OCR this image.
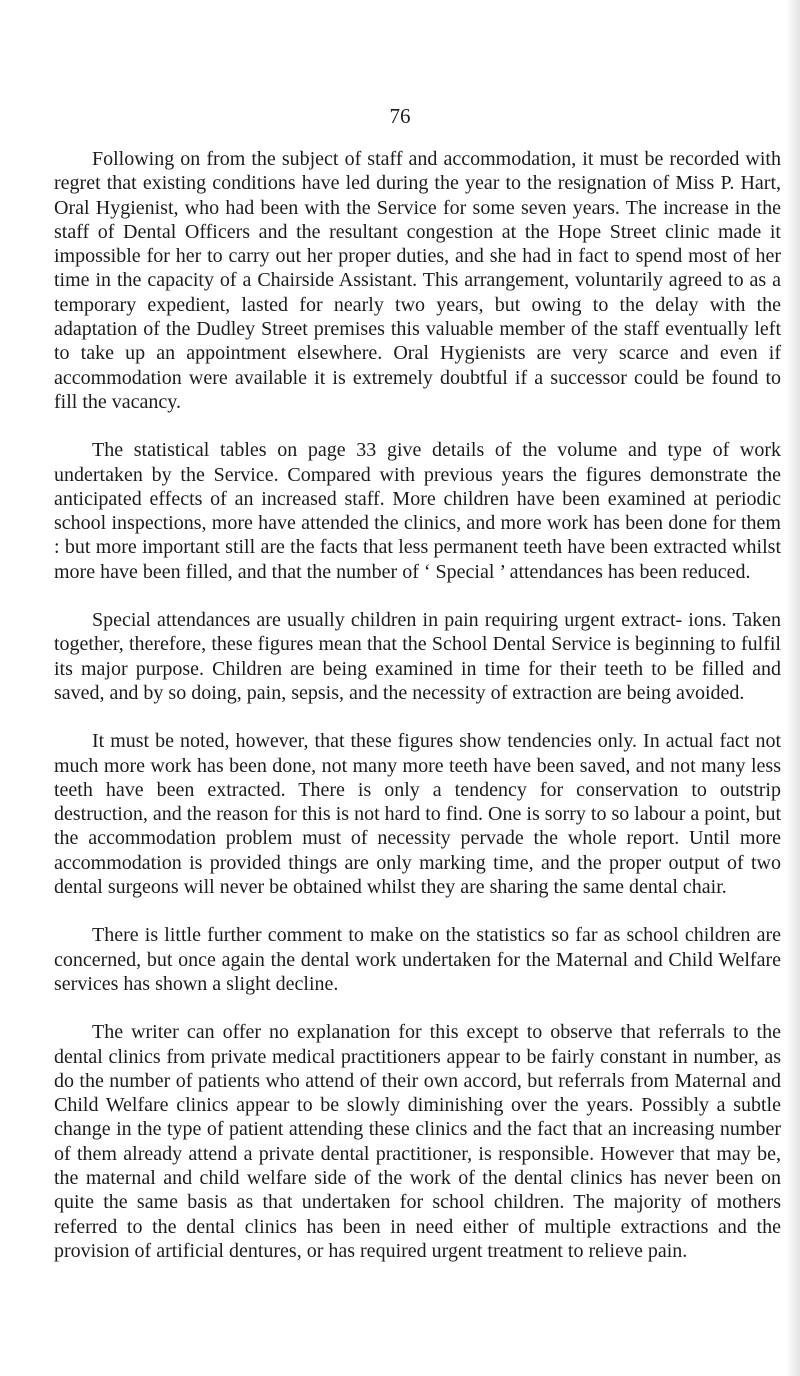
76

Following on from the subject of staff and accommodation, it must be recorded with regret that existing conditions have led during the year to the resignation of Miss P. Hart, Oral Hygienist, who had been with the Service for some seven years. The increase in the staff of Dental Officers and the resultant congestion at the Hope Street clinic made it impossible for her to carry out her proper duties, and she had in fact to spend most of her time in the capacity of a Chairside Assistant. This arrangement, voluntarily agreed to as a temporary expedient, lasted for nearly two years, but owing to the delay with the adaptation of the Dudley Street premises this valuable member of the staff eventually left to take up an appointment elsewhere. Oral Hygienists are very scarce and even if accommodation were available it is extremely doubtful if a successor could be found to fill the vacancy.

The statistical tables on page 33 give details of the volume and type of work undertaken by the Service. Compared with previous years the figures demonstrate the anticipated effects of an increased staff. More children have been examined at periodic school inspections, more have attended the clinics, and more work has been done for them : but more important still are the facts that less permanent teeth have been extracted whilst more have been filled, and that the number of ‘ Special ’ attendances has been reduced.

Special attendances are usually children in pain requiring urgent extract- ions. Taken together, therefore, these figures mean that the School Dental Service is beginning to fulfil its major purpose. Children are being examined in time for their teeth to be filled and saved, and by so doing, pain, sepsis, and the necessity of extraction are being avoided.

It must be noted, however, that these figures show tendencies only. In actual fact not much more work has been done, not many more teeth have been saved, and not many less teeth have been extracted. There is only a tendency for conservation to outstrip destruction, and the reason for this is not hard to find. One is sorry to so labour a point, but the accommodation problem must of necessity pervade the whole report. Until more accommodation is provided things are only marking time, and the proper output of two dental surgeons will never be obtained whilst they are sharing the same dental chair.

There is little further comment to make on the statistics so far as school children are concerned, but once again the dental work undertaken for the Maternal and Child Welfare services has shown a slight decline.

The writer can offer no explanation for this except to observe that referrals to the dental clinics from private medical practitioners appear to be fairly constant in number, as do the number of patients who attend of their own accord, but referrals from Maternal and Child Welfare clinics appear to be slowly diminishing over the years. Possibly a subtle change in the type of patient attending these clinics and the fact that an increasing number of them already attend a private dental practitioner, is responsible. However that may be, the maternal and child welfare side of the work of the dental clinics has never been on quite the same basis as that undertaken for school children. The majority of mothers referred to the dental clinics has been in need either of multiple extractions and the provision of artificial dentures, or has required urgent treatment to relieve pain.
